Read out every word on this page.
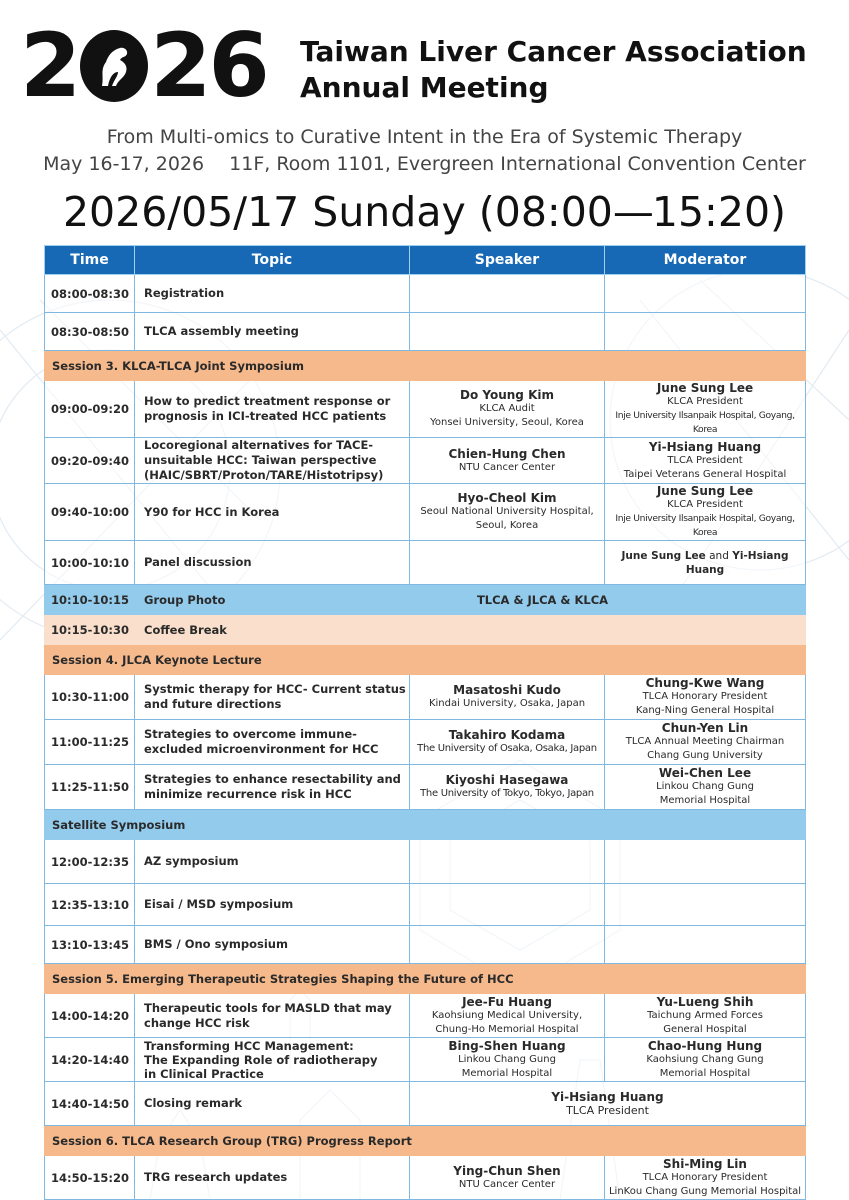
2 26 Taiwan Liver Cancer Association
Annual Meeting
From Multi-omics to Curative Intent in the Era of Systemic Therapy
May 16-17, 2026  11F, Room 1101, Evergreen International Convention Center
2026/05/17 Sunday (08:00—15:20)
Time	Topic	Speaker	Moderator
08:00-08:30	Registration		
08:30-08:50	TLCA assembly meeting		
Session 3. KLCA-TLCA Joint Symposium			
09:00-09:20	How to predict treatment response or prognosis in ICI-treated HCC patients	Do Young Kim
KLCA Audit
Yonsei University, Seoul, Korea	June Sung Lee
KLCA President
Inje University Ilsanpaik Hospital, Goyang, Korea

09:20-09:40	Locoregional alternatives for TACE-unsuitable HCC: Taiwan perspective (HAIC/SBRT/Proton/TARE/Histotripsy)	Chien-Hung Chen
NTU Cancer Center	Yi-Hsiang Huang
TLCA President
Taipei Veterans General Hospital

09:40-10:00	Y90 for HCC in Korea	Hyo-Cheol Kim
Seoul National University Hospital,
Seoul, Korea	June Sung Lee
KLCA President
Inje University Ilsanpaik Hospital, Goyang, Korea

10:00-10:10	Panel discussion		June Sung Lee and Yi-Hsiang Huang
10:10-10:15	Group Photo	TLCA & JLCA & KLCA	
10:15-10:30	Coffee Break		
Session 4. JLCA Keynote Lecture			
10:30-11:00	Systmic therapy for HCC- Current status and future directions	Masatoshi Kudo
Kindai University, Osaka, Japan	Chung-Kwe Wang
TLCA Honorary President
Kang-Ning General Hospital

11:00-11:25	Strategies to overcome immune-excluded microenvironment for HCC	Takahiro Kodama
The University of Osaka, Osaka, Japan	Chun-Yen Lin
TLCA Annual Meeting Chairman
Chang Gung University

11:25-11:50	Strategies to enhance resectability and minimize recurrence risk in HCC	Kiyoshi Hasegawa
The University of Tokyo, Tokyo, Japan	Wei-Chen Lee
Linkou Chang Gung
Memorial Hospital

Satellite Symposium			
12:00-12:35	AZ symposium		
12:35-13:10	Eisai / MSD symposium		
13:10-13:45	BMS / Ono symposium		
Session 5. Emerging Therapeutic Strategies Shaping the Future of HCC			
14:00-14:20	Therapeutic tools for MASLD that may change HCC risk	Jee-Fu Huang
Kaohsiung Medical University,
Chung-Ho Memorial Hospital	Yu-Lueng Shih
Taichung Armed Forces
General Hospital

14:20-14:40	Transforming HCC Management:
The Expanding Role of radiotherapy
in Clinical Practice	Bing-Shen Huang
Linkou Chang Gung
Memorial Hospital	Chao-Hung Hung
Kaohsiung Chang Gung
Memorial Hospital

14:40-14:50	Closing remark	Yi-Hsiang Huang
TLCA President	

Session 6. TLCA Research Group (TRG) Progress Report			
14:50-15:20	TRG research updates	Ying-Chun Shen
NTU Cancer Center	Shi-Ming Lin
TLCA Honorary President
LinKou Chang Gung Memorial Hospital
